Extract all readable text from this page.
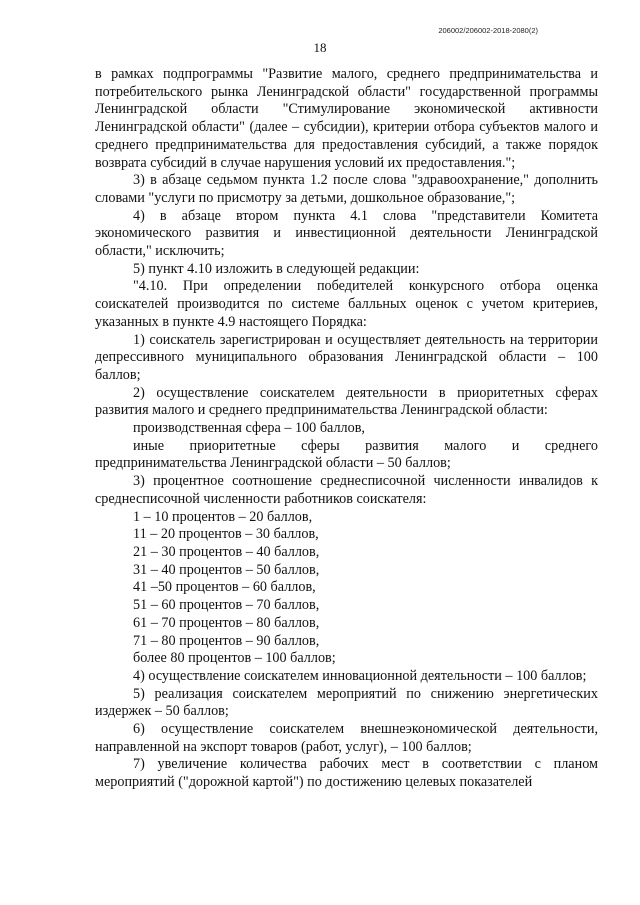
206002/206002-2018-2080(2)
18

в рамках подпрограммы "Развитие малого, среднего предпринимательства и потребительского рынка Ленинградской области" государственной программы Ленинградской области "Стимулирование экономической активности Ленинградской области" (далее – субсидии), критерии отбора субъектов малого и среднего предпринимательства для предоставления субсидий, а также порядок возврата субсидий в случае нарушения условий их предоставления.";

3) в абзаце седьмом пункта 1.2 после слова "здравоохранение," дополнить словами "услуги по присмотру за детьми, дошкольное образование,";

4) в абзаце втором пункта 4.1 слова "представители Комитета экономического развития и инвестиционной деятельности Ленинградской области," исключить;

5) пункт 4.10 изложить в следующей редакции:

"4.10. При определении победителей конкурсного отбора оценка соискателей производится по системе балльных оценок с учетом критериев, указанных в пункте 4.9 настоящего Порядка:

1) соискатель зарегистрирован и осуществляет деятельность на территории депрессивного муниципального образования Ленинградской области – 100 баллов;

2) осуществление соискателем деятельности в приоритетных сферах развития малого и среднего предпринимательства Ленинградской области:

производственная сфера – 100 баллов,

иные приоритетные сферы развития малого и среднего предпринимательства Ленинградской области – 50 баллов;

3) процентное соотношение среднесписочной численности инвалидов к среднесписочной численности работников соискателя:

1 – 10 процентов – 20 баллов,

11 – 20 процентов – 30 баллов,

21 – 30 процентов – 40 баллов,

31 – 40 процентов – 50 баллов,

41 –50 процентов – 60 баллов,

51 – 60 процентов – 70 баллов,

61 – 70 процентов – 80 баллов,

71 – 80 процентов – 90 баллов,

более 80 процентов – 100 баллов;

4) осуществление соискателем инновационной деятельности – 100 баллов;

5) реализация соискателем мероприятий по снижению энергетических издержек – 50 баллов;

6) осуществление соискателем внешнеэкономической деятельности, направленной на экспорт товаров (работ, услуг), – 100 баллов;

7) увеличение количества рабочих мест в соответствии с планом мероприятий ("дорожной картой") по достижению целевых показателей
